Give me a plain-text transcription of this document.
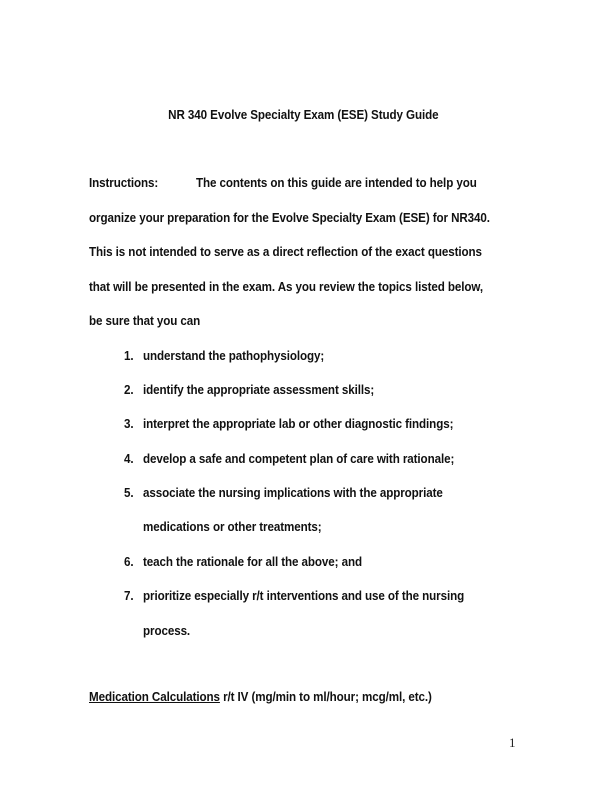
NR 340 Evolve Specialty Exam (ESE) Study Guide
Instructions:	The contents on this guide are intended to help you
organize your preparation for the Evolve Specialty Exam (ESE) for NR340.
This is not intended to serve as a direct reflection of the exact questions
that will be presented in the exam. As you review the topics listed below,
be sure that you can
1. understand the pathophysiology;
2. identify the appropriate assessment skills;
3. interpret the appropriate lab or other diagnostic findings;
4. develop a safe and competent plan of care with rationale;
5. associate the nursing implications with the appropriate
medications or other treatments;
6. teach the rationale for all the above; and
7. prioritize especially r/t interventions and use of the nursing
process.
Medication Calculations r/t IV (mg/min to ml/hour; mcg/ml, etc.)
1
